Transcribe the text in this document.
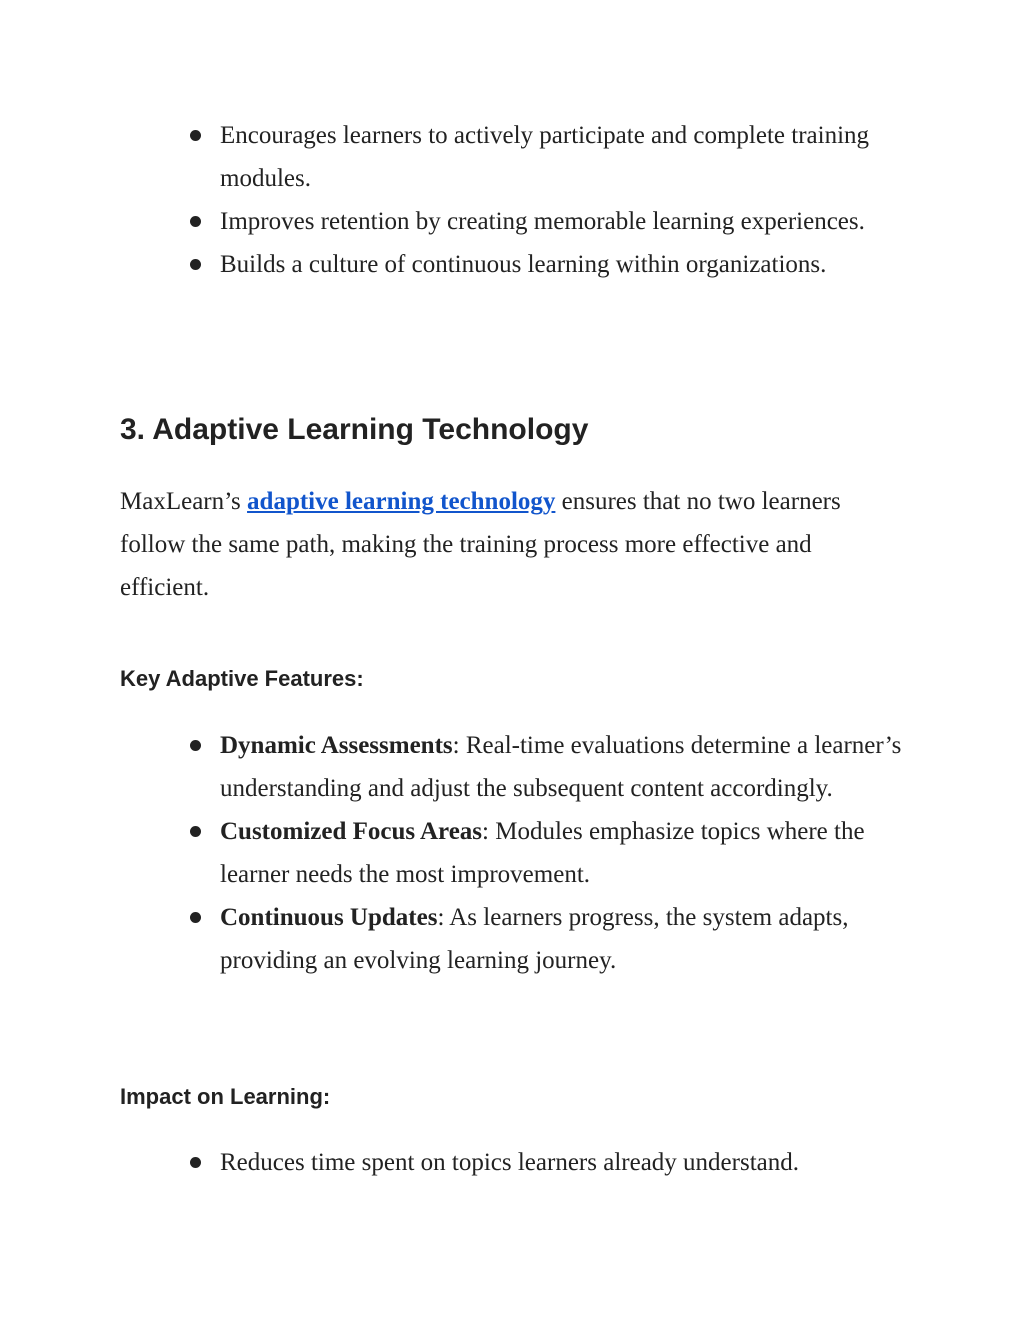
Encourages learners to actively participate and complete training modules.
Improves retention by creating memorable learning experiences.
Builds a culture of continuous learning within organizations.
3. Adaptive Learning Technology

MaxLearn’s adaptive learning technology ensures that no two learners follow the same path, making the training process more effective and efficient.

Key Adaptive Features:
Dynamic Assessments: Real-time evaluations determine a learner’s understanding and adjust the subsequent content accordingly.
Customized Focus Areas: Modules emphasize topics where the learner needs the most improvement.
Continuous Updates: As learners progress, the system adapts, providing an evolving learning journey.
Impact on Learning:
Reduces time spent on topics learners already understand.
